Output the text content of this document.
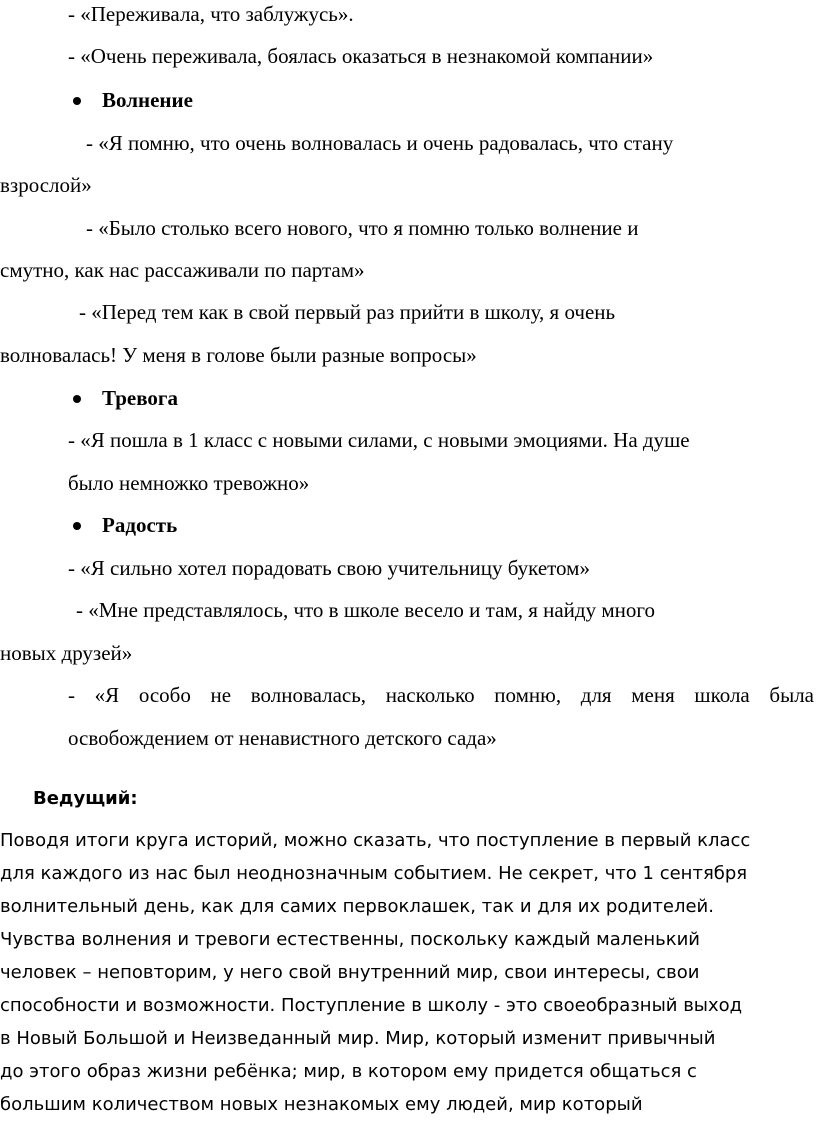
- «Переживала, что заблужусь».
- «Очень переживала, боялась оказаться в незнакомой компании»
Волнение
- «Я помню, что очень волновалась и очень радовалась, что стану
взрослой»
- «Было столько всего нового, что я помню только волнение и
смутно, как нас рассаживали по партам»
- «Перед тем как в свой первый раз прийти в школу, я очень
волновалась! У меня в голове были разные вопросы»
Тревога
- «Я пошла в 1 класс с новыми силами, с новыми эмоциями. На душе
было немножко тревожно»
Радость
- «Я сильно хотел порадовать свою учительницу букетом»
- «Мне представлялось, что в школе весело и там, я найду много
новых друзей»
- «Я особо не волновалась, насколько помню, для меня школа была
освобождением от ненавистного детского сада»
Ведущий:
Поводя итоги круга историй, можно сказать, что поступление в первый класс
для каждого из нас был неоднозначным событием. Не секрет, что 1 сентября
волнительный день, как для самих первоклашек, так и для их родителей.
Чувства волнения и тревоги естественны, поскольку каждый маленький
человек – неповторим, у него свой внутренний мир, свои интересы, свои
способности и возможности. Поступление в школу - это своеобразный выход
в Новый Большой и Неизведанный мир. Мир, который изменит привычный
до этого образ жизни ребёнка; мир, в котором ему придется общаться с
большим количеством новых незнакомых ему людей, мир который
